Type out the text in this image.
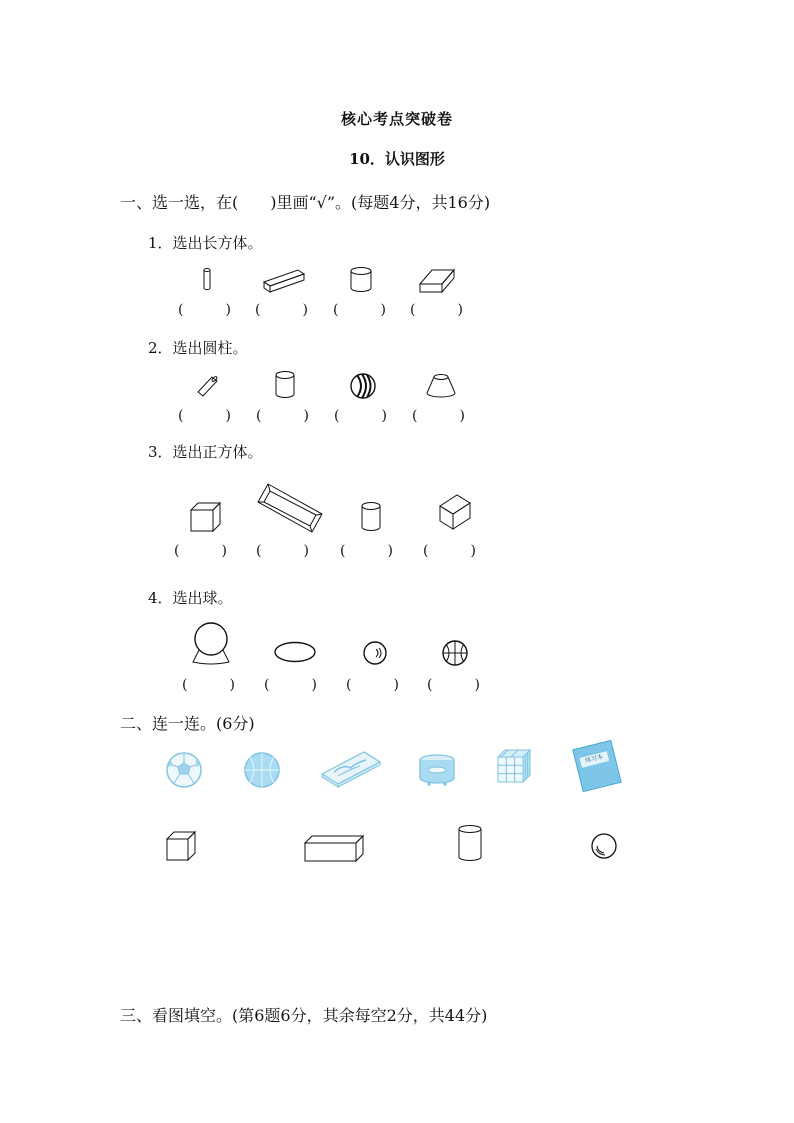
核心考点突破卷
10．认识图形
一、选一选，在(　　)里画“√”。(每题4分，共16分)
1．选出长方体。
(　　　) (　　　) (　　　) (　　　)
2．选出圆柱。
(　　　) (　　　) (　　　) (　　　)
3．选出正方体。
(　　　) (　　　) (　　　) (　　　)
4．选出球。
(　　　) (　　　) (　　　) (　　　)
二、连一连。(6分)
练习本
三、看图填空。(第6题6分，其余每空2分，共44分)
